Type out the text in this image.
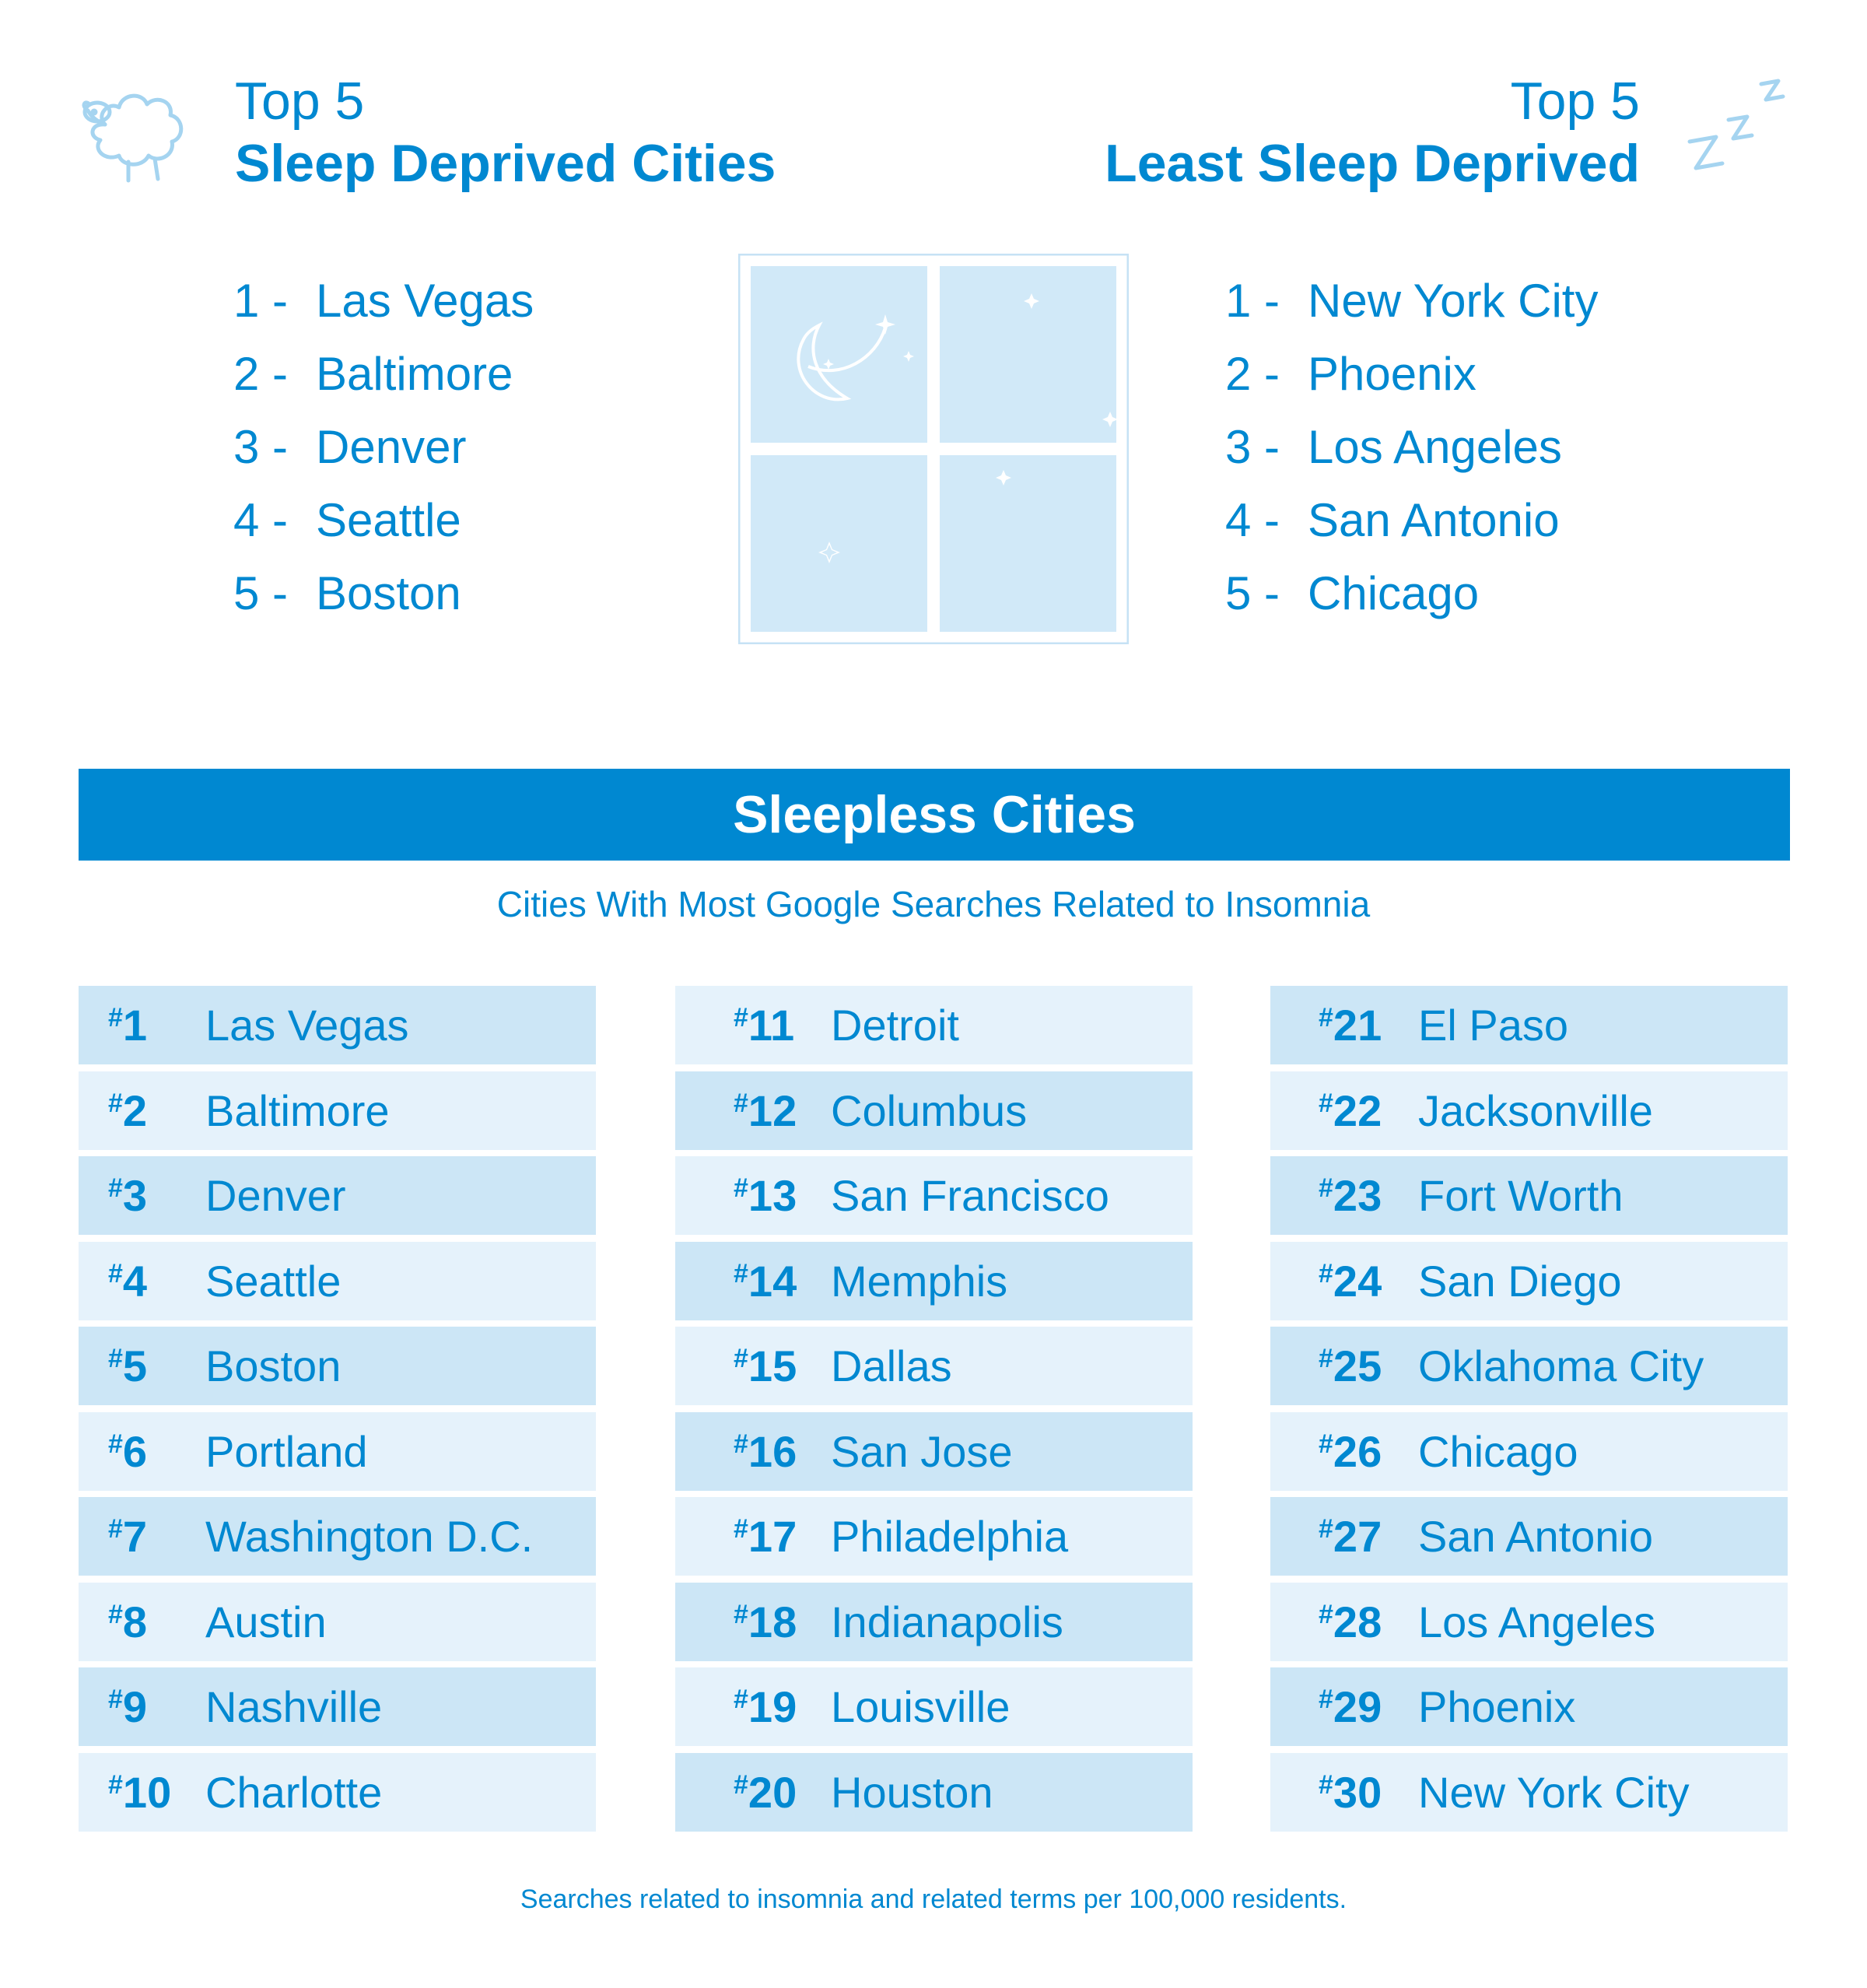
Top 5
Sleep Deprived Cities
Top 5
Least Sleep Deprived
1 - Las Vegas
2 - Baltimore
3 - Denver
4 - Seattle
5 - Boston
1 - New York City
2 - Phoenix
3 - Los Angeles
4 - San Antonio
5 - Chicago
Sleepless Cities
Cities With Most Google Searches Related to Insomnia
#1	Las Vegas
#2	Baltimore
#3	Denver
#4	Seattle
#5	Boston
#6	Portland
#7	Washington D.C.
#8	Austin
#9	Nashville
#10 Charlotte
#11 Detroit
#12 Columbus
#13 San Francisco
#14 Memphis
#15 Dallas
#16 San Jose
#17 Philadelphia
#18 Indianapolis
#19 Louisville
#20 Houston
#21 El Paso
#22 Jacksonville
#23 Fort Worth
#24 San Diego
#25 Oklahoma City
#26 Chicago
#27 San Antonio
#28 Los Angeles
#29 Phoenix
#30 New York City
Searches related to insomnia and related terms per 100,000 residents.
